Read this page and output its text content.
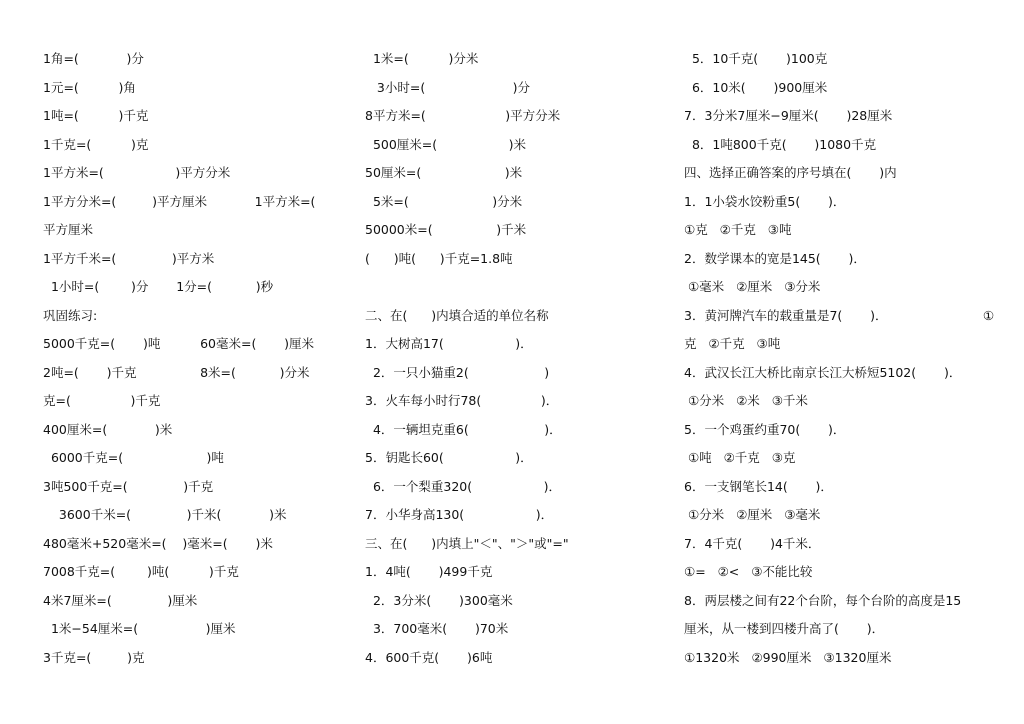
1角=(            )分
1元=(          )角
1吨=(          )千克
1千克=(          )克
1平方米=(                  )平方分米
1平方分米=(         )平方厘米            1平方米=(
平方厘米
1平方千米=(              )平方米
1小时=(        )分       1分=(           )秒
巩固练习:
5000千克=(       )吨          60毫米=(       )厘米
2吨=(       )千克                8米=(           )分米
克=(               )千克
400厘米=(            )米
6000千克=(                     )吨
3吨500千克=(              )千克
3600千米=(              )千米(            )米
480毫米+520毫米=(    )毫米=(       )米
7008千克=(        )吨(          )千克
4米7厘米=(              )厘米
1米−54厘米=(                 )厘米
3千克=(         )克
1米=(          )分米
3小时=(                      )分
8平方米=(                    )平方分米
500厘米=(                  )米
50厘米=(                     )米
5米=(                     )分米
50000米=(                )千米
(      )吨(      )千克=1.8吨
二、在(      )内填合适的单位名称
1．大树高17(                  )．
2．一只小猫重2(                   )
3．火车每小时行78(               )．
4．一辆坦克重6(                   )．
5．钥匙长60(                  )．
6．一个梨重320(                  )．
7．小华身高130(                  )．
三、在(      )内填上"＜"、"＞"或"="
1．4吨(       )499千克
2．3分米(       )300毫米
3．700毫米(       )70米
4．600千克(       )6吨
5．10千克(       )100克
6．10米(       )900厘米
7．3分米7厘米−9厘米(       )28厘米
8．1吨800千克(       )1080千克
四、选择正确答案的序号填在(       )内
1．1小袋水饺粉重5(       )．
①克   ②千克   ③吨
2．数学课本的宽是145(       )．
①毫米   ②厘米   ③分米
3．黄河牌汽车的载重量是7(       )．                        ①
克   ②千克   ③吨
4．武汉长江大桥比南京长江大桥短5102(       )．
①分米   ②米   ③千米
5．一个鸡蛋约重70(       )．
①吨   ②千克   ③克
6．一支钢笔长14(       )．
①分米   ②厘米   ③毫米
7．4千克(       )4千米．
①=   ②<   ③不能比较
8．两层楼之间有22个台阶，每个台阶的高度是15
厘米，从一楼到四楼升高了(       )．
①1320米   ②990厘米   ③1320厘米
